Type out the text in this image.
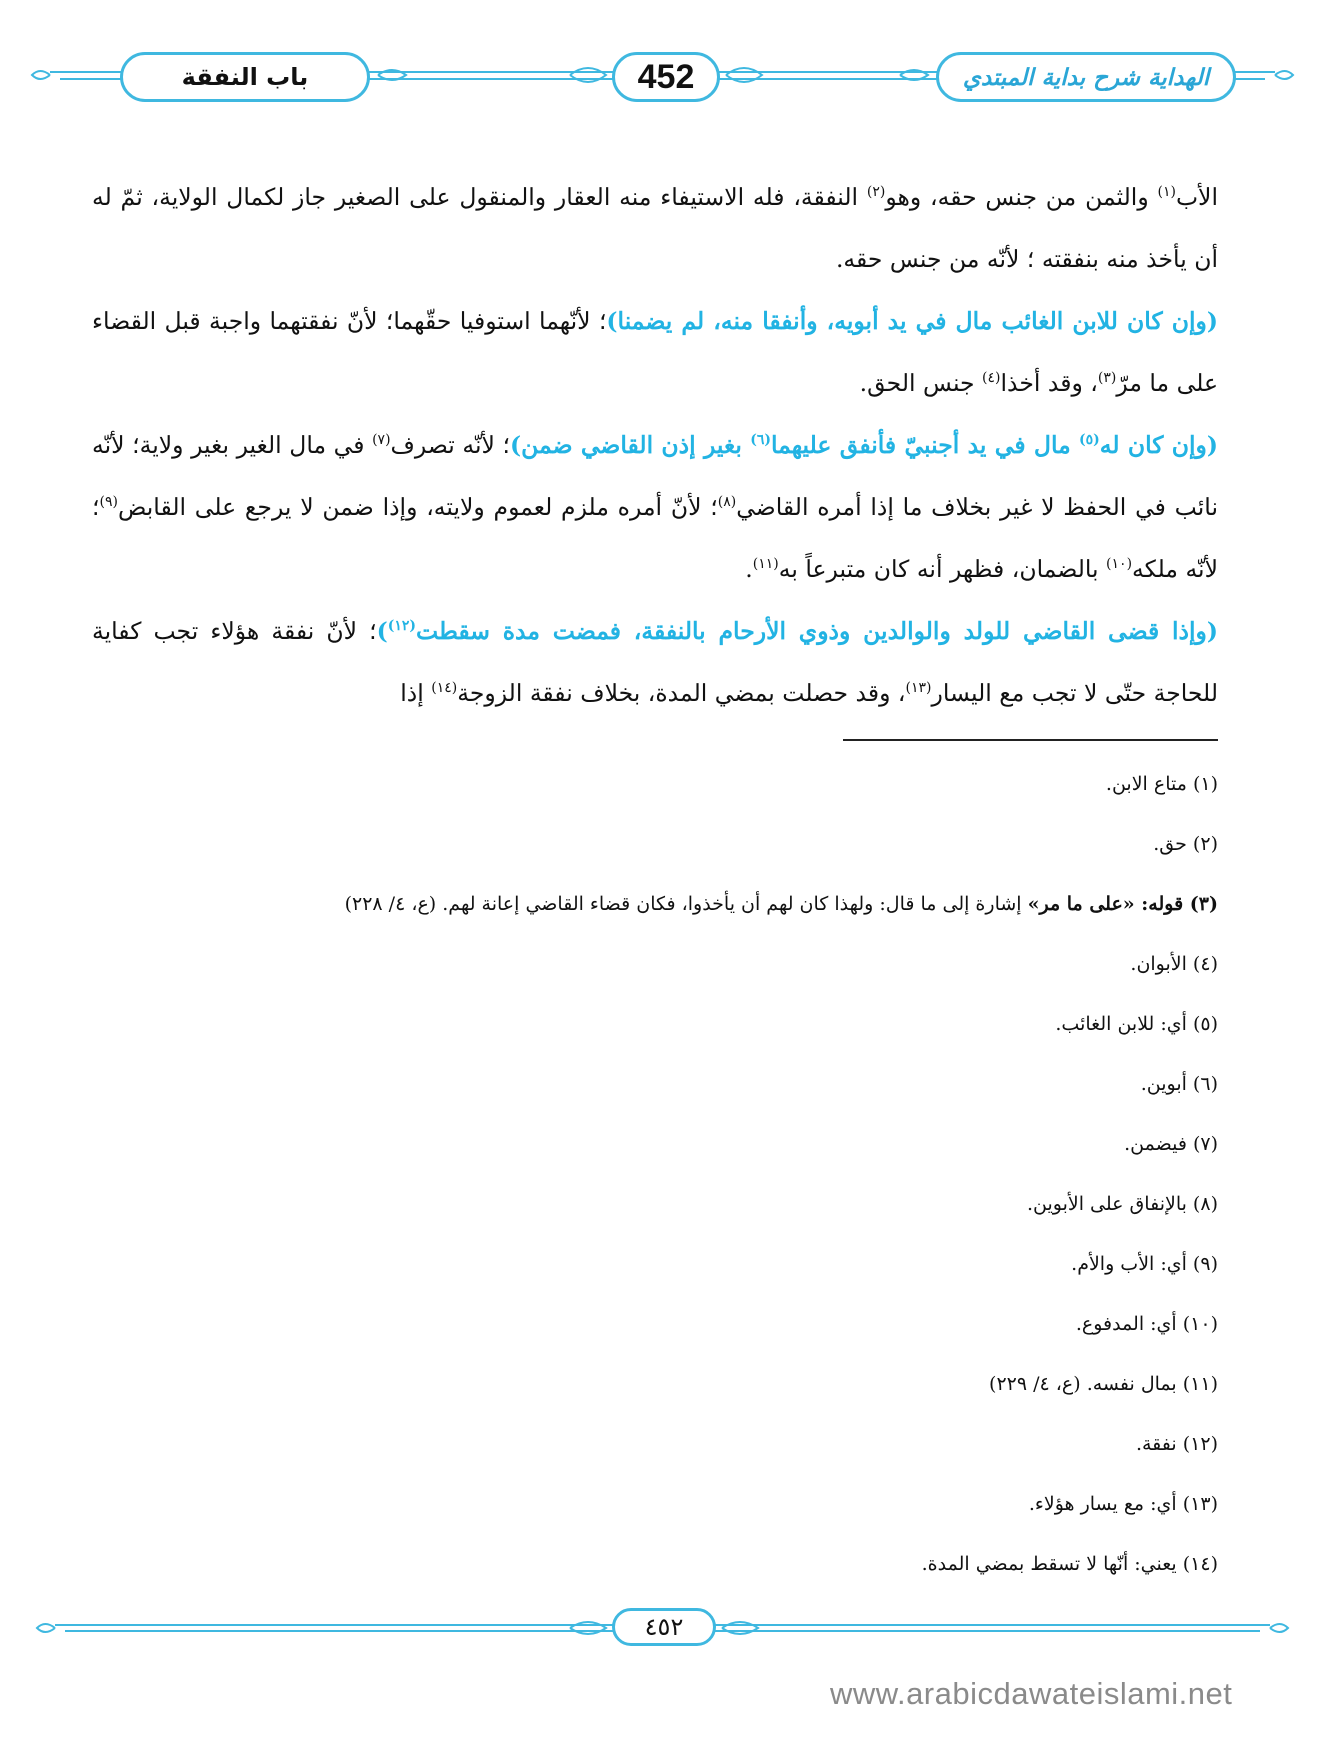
باب النفقة	452	الهداية شرح بداية المبتدي

الأب$^{(١)}$ والثمن من جنس حقه، وهو$^{(٢)}$ النفقة، فله الاستيفاء منه العقار والمنقول على الصغير جاز لكمال الولاية، ثمّ له أن يأخذ منه بنفقته ؛ لأنّه من جنس حقه.

(وإن كان للابن الغائب مال في يد أبويه، وأنفقا منه، لم يضمنا)؛ لأنّهما استوفيا حقّهما؛ لأنّ نفقتهما واجبة قبل القضاء على ما مرّ$^{(٣)}$، وقد أخذا$^{(٤)}$ جنس الحق.

(وإن كان له$^{(٥)}$ مال في يد أجنبيّ فأنفق عليهما$^{(٦)}$ بغير إذن القاضي ضمن)؛ لأنّه تصرف$^{(٧)}$ في مال الغير بغير ولاية؛ لأنّه نائب في الحفظ لا غير بخلاف ما إذا أمره القاضي$^{(٨)}$؛ لأنّ أمره ملزم لعموم ولايته، وإذا ضمن لا يرجع على القابض$^{(٩)}$؛ لأنّه ملكه$^{(١٠)}$ بالضمان، فظهر أنه كان متبرعاً به$^{(١١)}$.

(وإذا قضى القاضي للولد والوالدين وذوي الأرحام بالنفقة، فمضت مدة سقطت$^{(١٢)}$)؛ لأنّ نفقة هؤلاء تجب كفاية للحاجة حتّى لا تجب مع اليسار$^{(١٣)}$، وقد حصلت بمضي المدة، بخلاف نفقة الزوجة$^{(١٤)}$ إذا

(١) متاع الابن.
(٢) حق.
(٣) قوله: «على ما مر» إشارة إلى ما قال: ولهذا كان لهم أن يأخذوا، فكان قضاء القاضي إعانة لهم. (ع، ٤/ ٢٢٨)
(٤) الأبوان.
(٥) أي: للابن الغائب.
(٦) أبوين.
(٧) فيضمن.
(٨) بالإنفاق على الأبوين.
(٩) أي: الأب والأم.
(١٠) أي: المدفوع.
(١١) بمال نفسه. (ع، ٤/ ٢٢٩)
(١٢) نفقة.
(١٣) أي: مع يسار هؤلاء.
(١٤) يعني: أنّها لا تسقط بمضي المدة.
٤٥٢
www.arabicdawateislami.net
